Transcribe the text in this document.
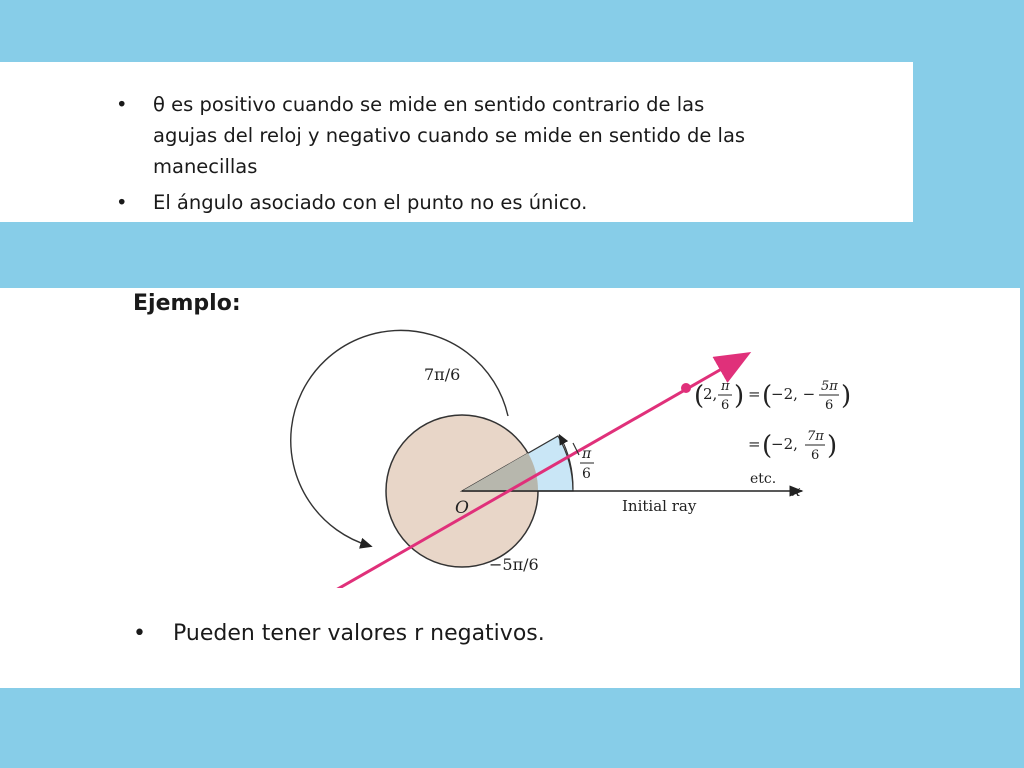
• θ es positivo cuando se mide en sentido contrario de las
agujas del reloj y negativo cuando se mide en sentido de las
manecillas
• El ángulo asociado con el punto no es único.
Ejemplo:
7π/6
−5π/6
O	Initial ray
x
π
6
(
2, π
6 ) = (
−2, − 5π
6 )
= (
−2, 7π
6 )
etc.
• Pueden tener valores r negativos.
